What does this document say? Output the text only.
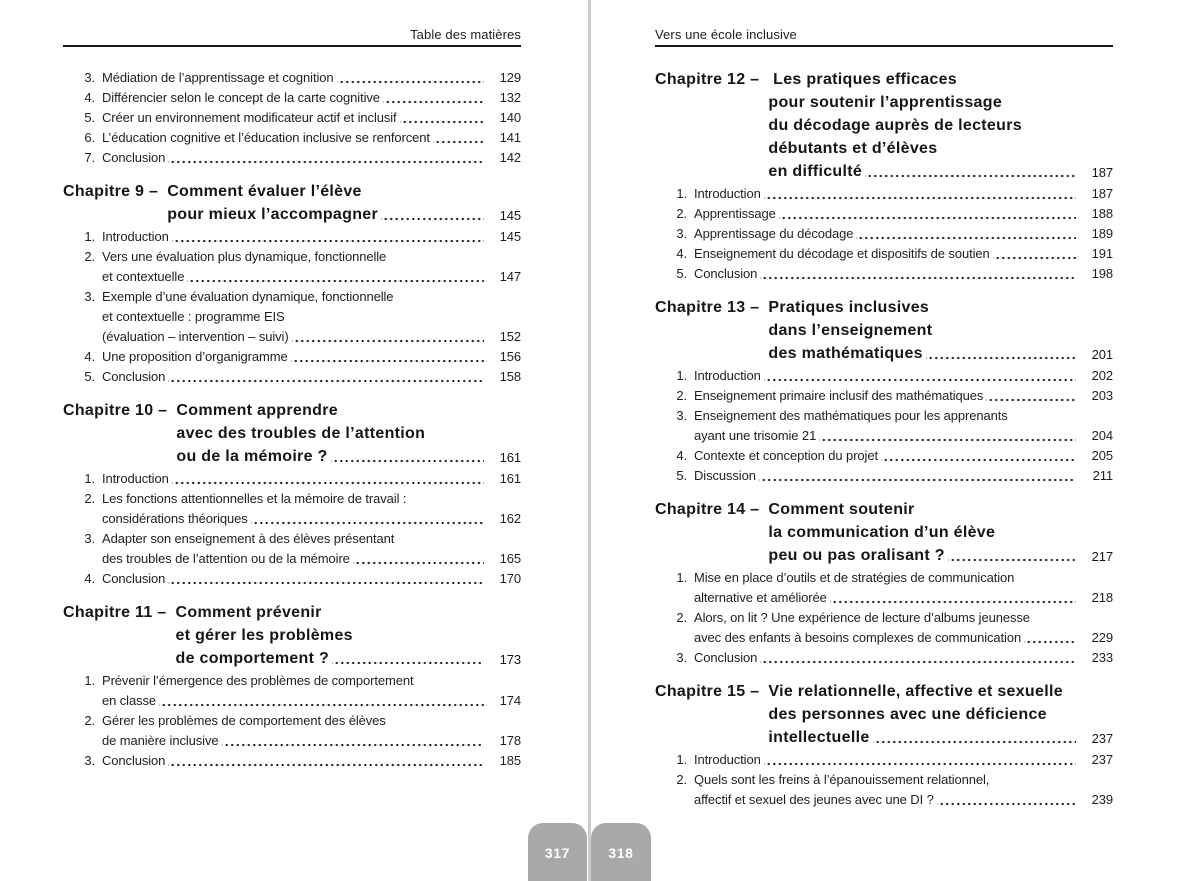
Table des matières
3. Médiation de l’apprentissage et cognition	129
4. Différencier selon le concept de la carte cognitive	132
5. Créer un environnement modificateur actif et inclusif	140
6. L’éducation cognitive et l’éducation inclusive se renforcent	141
7. Conclusion	142
Chapitre 9 – Comment évaluer l’élève
pour mieux l’accompagner	145
1. Introduction	145
2. Vers une évaluation plus dynamique, fonctionnelle
et contextuelle	147
3. Exemple d’une évaluation dynamique, fonctionnelle
et contextuelle : programme EIS
(évaluation – intervention – suivi)	152
4. Une proposition d’organigramme	156
5. Conclusion	158
Chapitre 10 – Comment apprendre
avec des troubles de l’attention
ou de la mémoire ?	161
1. Introduction	161
2. Les fonctions attentionnelles et la mémoire de travail :
considérations théoriques	162
3. Adapter son enseignement à des élèves présentant
des troubles de l’attention ou de la mémoire	165
4. Conclusion	170
Chapitre 11 – Comment prévenir
et gérer les problèmes
de comportement ?	173
1. Prévenir l’émergence des problèmes de comportement
en classe	174
2. Gérer les problèmes de comportement des élèves
de manière inclusive	178
3. Conclusion	185
Vers une école inclusive
Chapitre 12 – Les pratiques efficaces
pour soutenir l’apprentissage
du décodage auprès de lecteurs
débutants et d’élèves
en difficulté	187
1. Introduction	187
2. Apprentissage	188
3. Apprentissage du décodage	189
4. Enseignement du décodage et dispositifs de soutien	191
5. Conclusion	198
Chapitre 13 – Pratiques inclusives
dans l’enseignement
des mathématiques	201
1. Introduction	202
2. Enseignement primaire inclusif des mathématiques	203
3. Enseignement des mathématiques pour les apprenants
ayant une trisomie 21	204
4. Contexte et conception du projet	205
5. Discussion	211
Chapitre 14 – Comment soutenir
la communication d’un élève
peu ou pas oralisant ?	217
1. Mise en place d’outils et de stratégies de communication
alternative et améliorée	218
2. Alors, on lit ? Une expérience de lecture d’albums jeunesse
avec des enfants à besoins complexes de communication	229
3. Conclusion	233
Chapitre 15 – Vie relationnelle, affective et sexuelle
des personnes avec une déficience
intellectuelle	237
1. Introduction	237
2. Quels sont les freins à l’épanouissement relationnel,
affectif et sexuel des jeunes avec une DI ?	239
317	318
